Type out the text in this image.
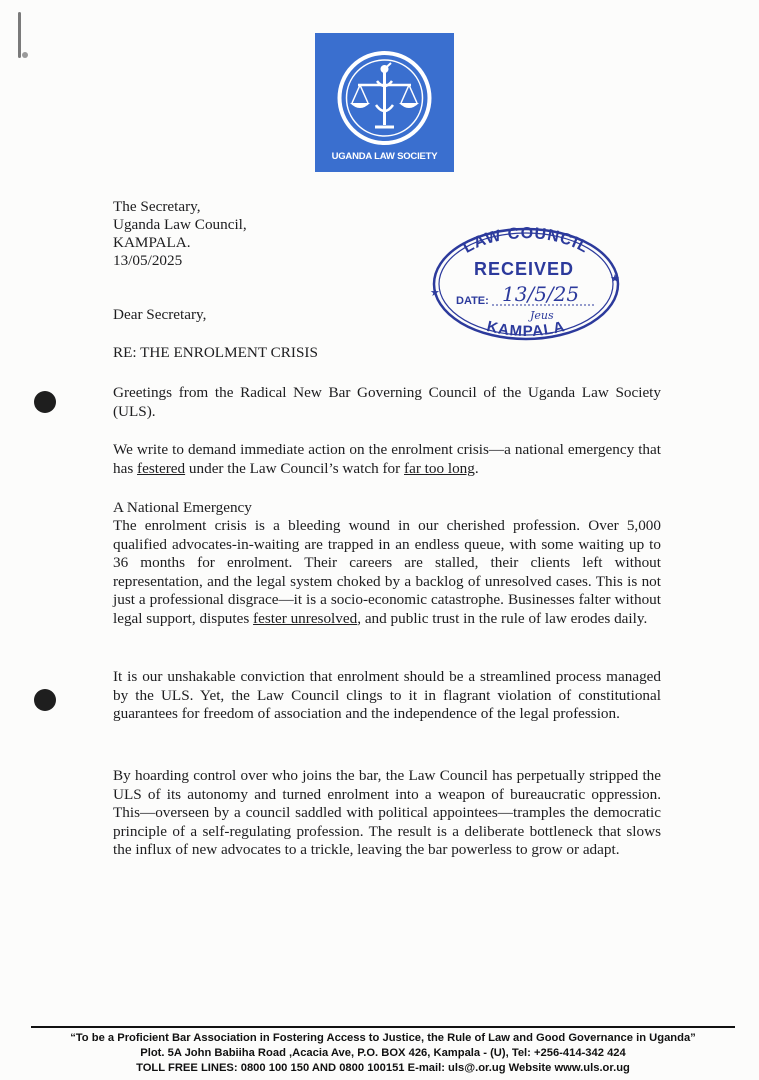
UGANDA LAW SOCIETY
The Secretary,
Uganda Law Council,
KAMPALA.
13/05/2025
LAW COUNCIL
RECEIVED
DATE: 13/5/25
Jeus
KAMPALA
★
★
Dear Secretary,
RE: THE ENROLMENT CRISIS
Greetings from the Radical New Bar Governing Council of the Uganda Law Society (ULS).
We write to demand immediate action on the enrolment crisis—a national emergency that has festered under the Law Council’s watch for far too long.
A National Emergency
The enrolment crisis is a bleeding wound in our cherished profession. Over 5,000 qualified advocates-in-waiting are trapped in an endless queue, with some waiting up to 36 months for enrolment. Their careers are stalled, their clients left without representation, and the legal system choked by a backlog of unresolved cases. This is not just a professional disgrace—it is a socio-economic catastrophe. Businesses falter without legal support, disputes fester unresolved, and public trust in the rule of law erodes daily.
It is our unshakable conviction that enrolment should be a streamlined process managed by the ULS. Yet, the Law Council clings to it in flagrant violation of constitutional guarantees for freedom of association and the independence of the legal profession.
By hoarding control over who joins the bar, the Law Council has perpetually stripped the ULS of its autonomy and turned enrolment into a weapon of bureaucratic oppression. This—overseen by a council saddled with political appointees—tramples the democratic principle of a self-regulating profession. The result is a deliberate bottleneck that slows the influx of new advocates to a trickle, leaving the bar powerless to grow or adapt.
“To be a Proficient Bar Association in Fostering Access to Justice, the Rule of Law and Good Governance in Uganda”
Plot. 5A John Babiiha Road ,Acacia Ave, P.O. BOX 426, Kampala - (U), Tel: +256-414-342 424
TOLL FREE LINES: 0800 100 150 AND 0800 100151 E-mail: uls@.or.ug Website www.uls.or.ug
